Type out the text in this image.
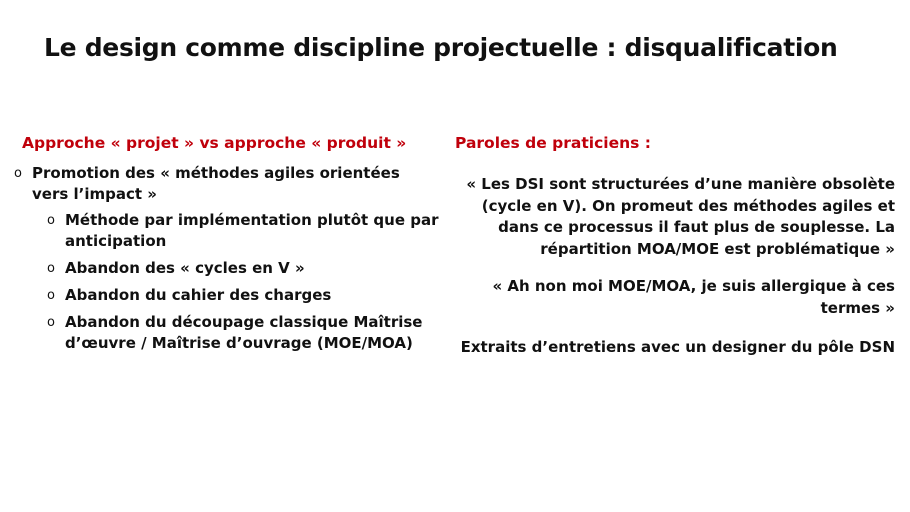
Le design comme discipline projectuelle : disqualification
Approche « projet » vs approche « produit »	Paroles de praticiens :
o Promotion des « méthodes agiles orientées vers l’impact »
o Méthode par implémentation plutôt que par anticipation
o Abandon des « cycles en V »
o Abandon du cahier des charges
o Abandon du découpage classique Maîtrise d’œuvre / Maîtrise d’ouvrage (MOE/MOA)

« Les DSI sont structurées d’une manière obsolète (cycle en V). On promeut des méthodes agiles et dans ce processus il faut plus de souplesse. La répartition MOA/MOE est problématique »

« Ah non moi MOE/MOA, je suis allergique à ces termes »

Extraits d’entretiens avec un designer du pôle DSN
